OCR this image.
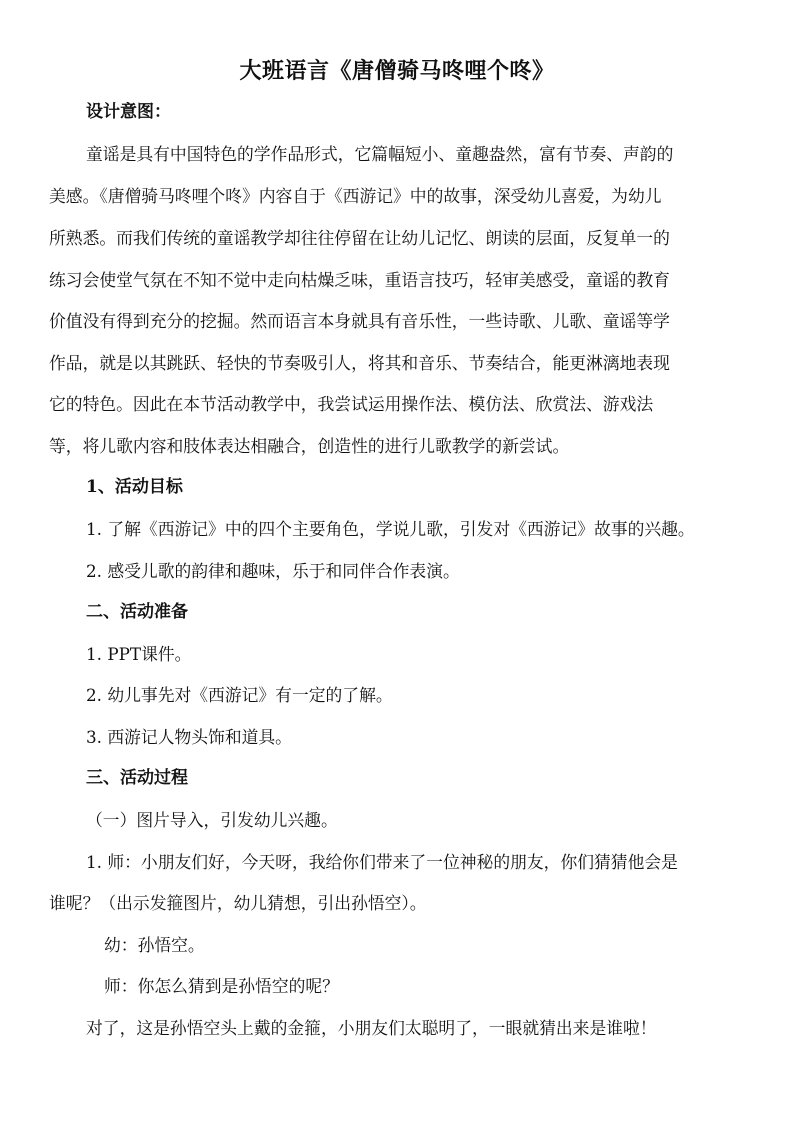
大班语言《唐僧骑马咚哩个咚》
设计意图：
童谣是具有中国特色的学作品形式，它篇幅短小、童趣盎然，富有节奏、声韵的
美感。《唐僧骑马咚哩个咚》内容自于《西游记》中的故事，深受幼儿喜爱，为幼儿
所熟悉。而我们传统的童谣教学却往往停留在让幼儿记忆、朗读的层面，反复单一的
练习会使堂气氛在不知不觉中走向枯燥乏味，重语言技巧，轻审美感受，童谣的教育
价值没有得到充分的挖掘。然而语言本身就具有音乐性，一些诗歌、儿歌、童谣等学
作品，就是以其跳跃、轻快的节奏吸引人，将其和音乐、节奏结合，能更淋漓地表现
它的特色。因此在本节活动教学中，我尝试运用操作法、模仿法、欣赏法、游戏法
等，将儿歌内容和肢体表达相融合，创造性的进行儿歌教学的新尝试。
1、活动目标
1. 了解《西游记》中的四个主要角色，学说儿歌，引发对《西游记》故事的兴趣。
2. 感受儿歌的韵律和趣味，乐于和同伴合作表演。
二、活动准备
1. PPT课件。
2. 幼儿事先对《西游记》有一定的了解。
3. 西游记人物头饰和道具。
三、活动过程
（一）图片导入，引发幼儿兴趣。
1. 师：小朋友们好，今天呀，我给你们带来了一位神秘的朋友，你们猜猜他会是
谁呢？（出示发箍图片，幼儿猜想，引出孙悟空）。
幼：孙悟空。
师：你怎么猜到是孙悟空的呢？
对了，这是孙悟空头上戴的金箍，小朋友们太聪明了，一眼就猜出来是谁啦！
